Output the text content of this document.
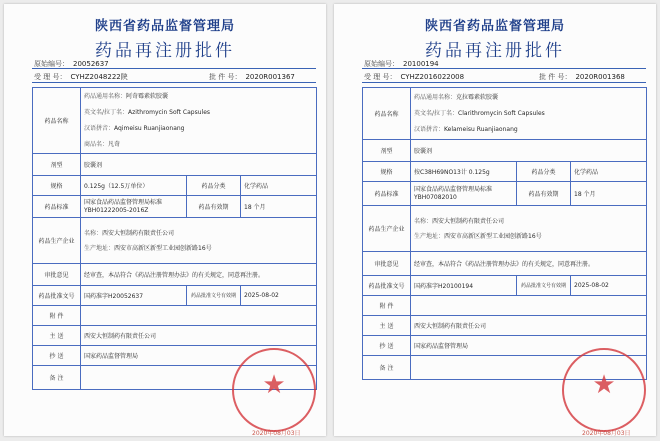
陕西省药品监督管理局
药品再注册批件
原始编号： 20052637
受 理 号： CYHZ2048222陕	批 件 号： 2020R001367
药品名称	药品通用名称：阿奇霉素软胶囊
英文名/拉丁名：Azithromycin Soft Capsules
汉语拼音：Aqimeisu Ruanjiaonang
商品名：凡奇		

剂型	胶囊剂		
规格	0.125g（12.5万单位）	药品分类	化学药品
药品标准	国家食品药品监督管理局标准 YBH01222005-2016Z	药品有效期	18 个月
药品生产企业	名称：西安大恒制药有限责任公司
生产地址：西安市高新区新型工业园创新路16号		

审批意见	经审查，本品符合《药品注册管理办法》的有关规定，同意再注册。		
药品批准文号	国药准字H20052637	药品批准文号有效期	2025-08-02
附 件			
主 送	西安大恒制药有限责任公司		
抄 送	国家药品监督管理局		
备 注				★
2020年08月03日
陕西省药品监督管理局
药品再注册批件
原始编号： 20100194
受 理 号： CYHZ2016022008	批 件 号： 2020R001368
药品名称	药品通用名称：克拉霉素软胶囊
英文名/拉丁名：Clarithromycin Soft Capsules
汉语拼音：Kelameisu Ruanjiaonang		

剂型	胶囊剂		
规格	按C38H69NO13计 0.125g	药品分类	化学药品
药品标准	国家食品药品监督管理局标准 YBH07082010	药品有效期	18 个月
药品生产企业	名称：西安大恒制药有限责任公司
生产地址：西安市高新区新型工业园创新路16号		

审批意见	经审查，本品符合《药品注册管理办法》的有关规定，同意再注册。		
药品批准文号	国药准字H20100194	药品批准文号有效期	2025-08-02
附 件			
主 送	西安大恒制药有限责任公司		
抄 送	国家药品监督管理局		
备 注			
★
2020年08月03日
